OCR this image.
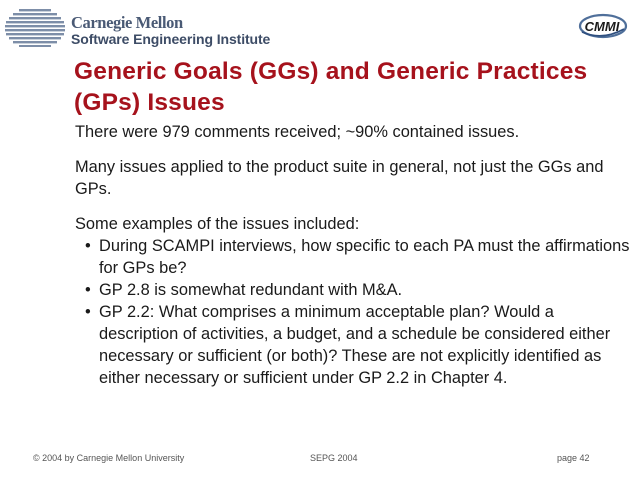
Carnegie Mellon
Software Engineering Institute
CMMI
Generic Goals (GGs) and Generic Practices (GPs) Issues
There were 979 comments received; ~90% contained issues.
Many issues applied to the product suite in general, not just the GGs and GPs.
Some examples of the issues included:
• During SCAMPI interviews, how specific to each PA must the affirmations for GPs be?
• GP 2.8 is somewhat redundant with M&A.
• GP 2.2: What comprises a minimum acceptable plan? Would a description of activities, a budget, and a schedule be considered either necessary or sufficient (or both)? These are not explicitly identified as either necessary or sufficient under GP 2.2 in Chapter 4.
© 2004 by Carnegie Mellon University	SEPG 2004	page 42
